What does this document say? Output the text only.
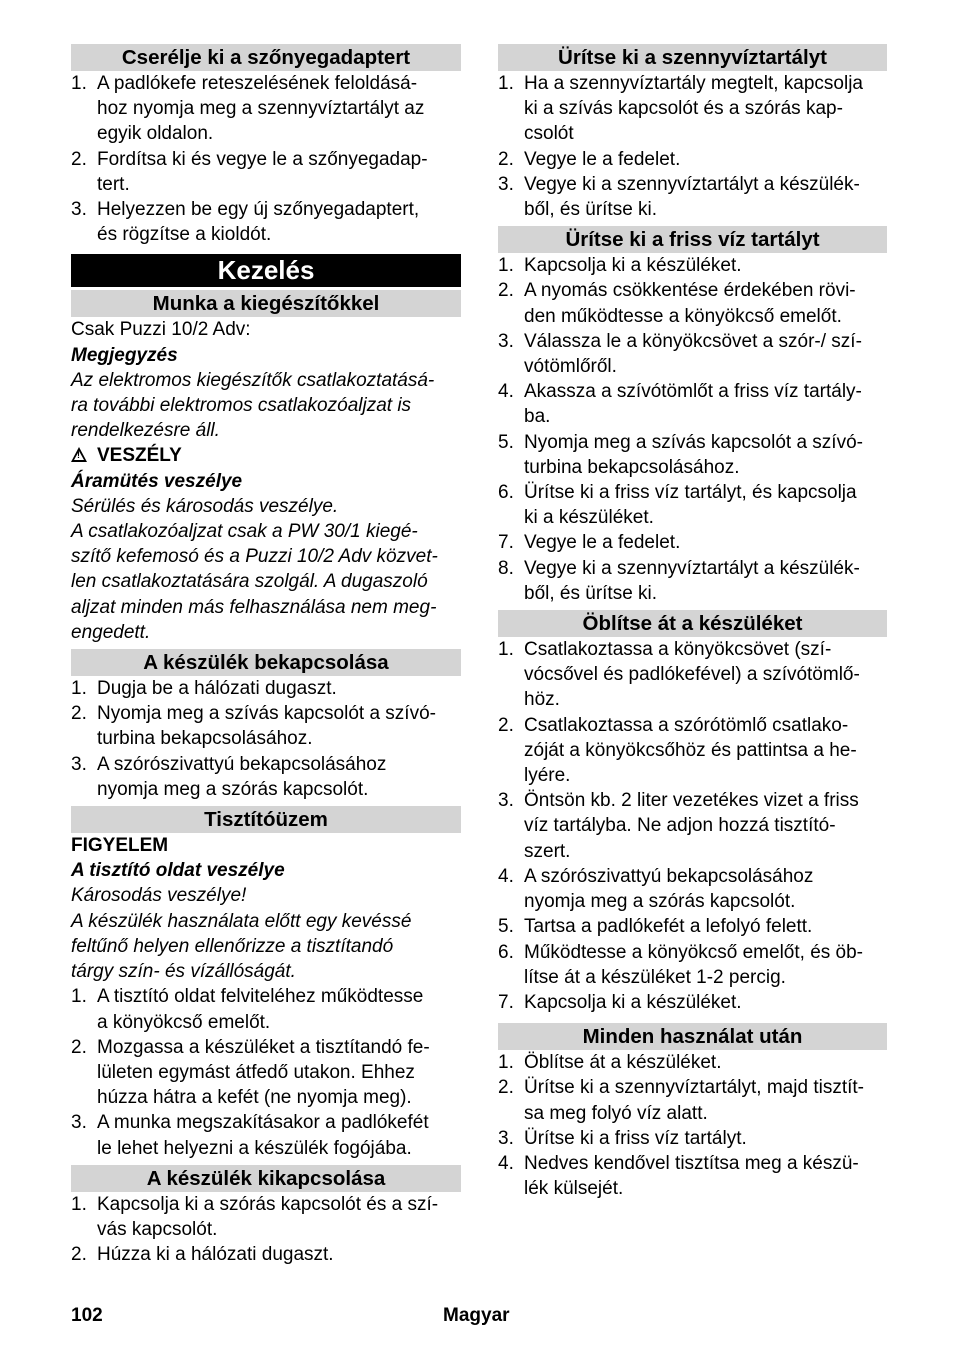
Cserélje ki a szőnyegadaptert
1. A padlókefe reteszelésének feloldásá-
hoz nyomja meg a szennyvíztartályt az
egyik oldalon.
2. Fordítsa ki és vegye le a szőnyegadap-
tert.
3. Helyezzen be egy új szőnyegadaptert,
és rögzítse a kioldót.
Kezelés
Munka a kiegészítőkkel

Csak Puzzi 10/2 Adv:

Megjegyzés

Az elektromos kiegészítők csatlakoztatásá-

ra további elektromos csatlakozóaljzat is

rendelkezésre áll.

!VESZÉLY

Áramütés veszélye

Sérülés és károsodás veszélye.

A csatlakozóaljzat csak a PW 30/1 kiegé-

szítő kefemosó és a Puzzi 10/2 Adv közvet-

len csatlakoztatására szolgál. A dugaszoló

aljzat minden más felhasználása nem meg-

engedett.

A készülék bekapcsolása
1. Dugja be a hálózati dugaszt.
2. Nyomja meg a szívás kapcsolót a szívó-
turbina bekapcsolásához.
3. A szórószivattyú bekapcsolásához
nyomja meg a szórás kapcsolót.
Tisztítóüzem

FIGYELEM

A tisztító oldat veszélye

Károsodás veszélye!

A készülék használata előtt egy kevéssé

feltűnő helyen ellenőrizze a tisztítandó

tárgy szín- és vízállóságát.

1. A tisztító oldat felviteléhez működtesse
a könyökcső emelőt.
2. Mozgassa a készüléket a tisztítandó fe-
lületen egymást átfedő utakon. Ehhez
húzza hátra a kefét (ne nyomja meg).
3. A munka megszakításakor a padlókefét
le lehet helyezni a készülék fogójába.
A készülék kikapcsolása
1. Kapcsolja ki a szórás kapcsolót és a szí-
vás kapcsolót.
2. Húzza ki a hálózati dugaszt.
Ürítse ki a szennyvíztartályt
1. Ha a szennyvíztartály megtelt, kapcsolja
ki a szívás kapcsolót és a szórás kap-
csolót
2. Vegye le a fedelet.
3. Vegye ki a szennyvíztartályt a készülék-
ből, és ürítse ki.
Ürítse ki a friss víz tartályt
1. Kapcsolja ki a készüléket.
2. A nyomás csökkentése érdekében rövi-
den működtesse a könyökcső emelőt.
3. Válassza le a könyökcsövet a szór-/ szí-
vótömlőről.
4. Akassza a szívótömlőt a friss víz tartály-
ba.
5. Nyomja meg a szívás kapcsolót a szívó-
turbina bekapcsolásához.
6. Ürítse ki a friss víz tartályt, és kapcsolja
ki a készüléket.
7. Vegye le a fedelet.
8. Vegye ki a szennyvíztartályt a készülék-
ből, és ürítse ki.
Öblítse át a készüléket
1. Csatlakoztassa a könyökcsövet (szí-
vócsővel és padlókefével) a szívótömlő-
höz.
2. Csatlakoztassa a szórótömlő csatlako-
zóját a könyökcsőhöz és pattintsa a he-
lyére.
3. Öntsön kb. 2 liter vezetékes vizet a friss
víz tartályba. Ne adjon hozzá tisztító-
szert.
4. A szórószivattyú bekapcsolásához
nyomja meg a szórás kapcsolót.
5. Tartsa a padlókefét a lefolyó felett.
6. Működtesse a könyökcső emelőt, és öb-
lítse át a készüléket 1-2 percig.
7. Kapcsolja ki a készüléket.
Minden használat után
1. Öblítse át a készüléket.
2. Ürítse ki a szennyvíztartályt, majd tisztít-
sa meg folyó víz alatt.
3. Ürítse ki a friss víz tartályt.
4. Nedves kendővel tisztítsa meg a készü-
lék külsejét.
102	Magyar
